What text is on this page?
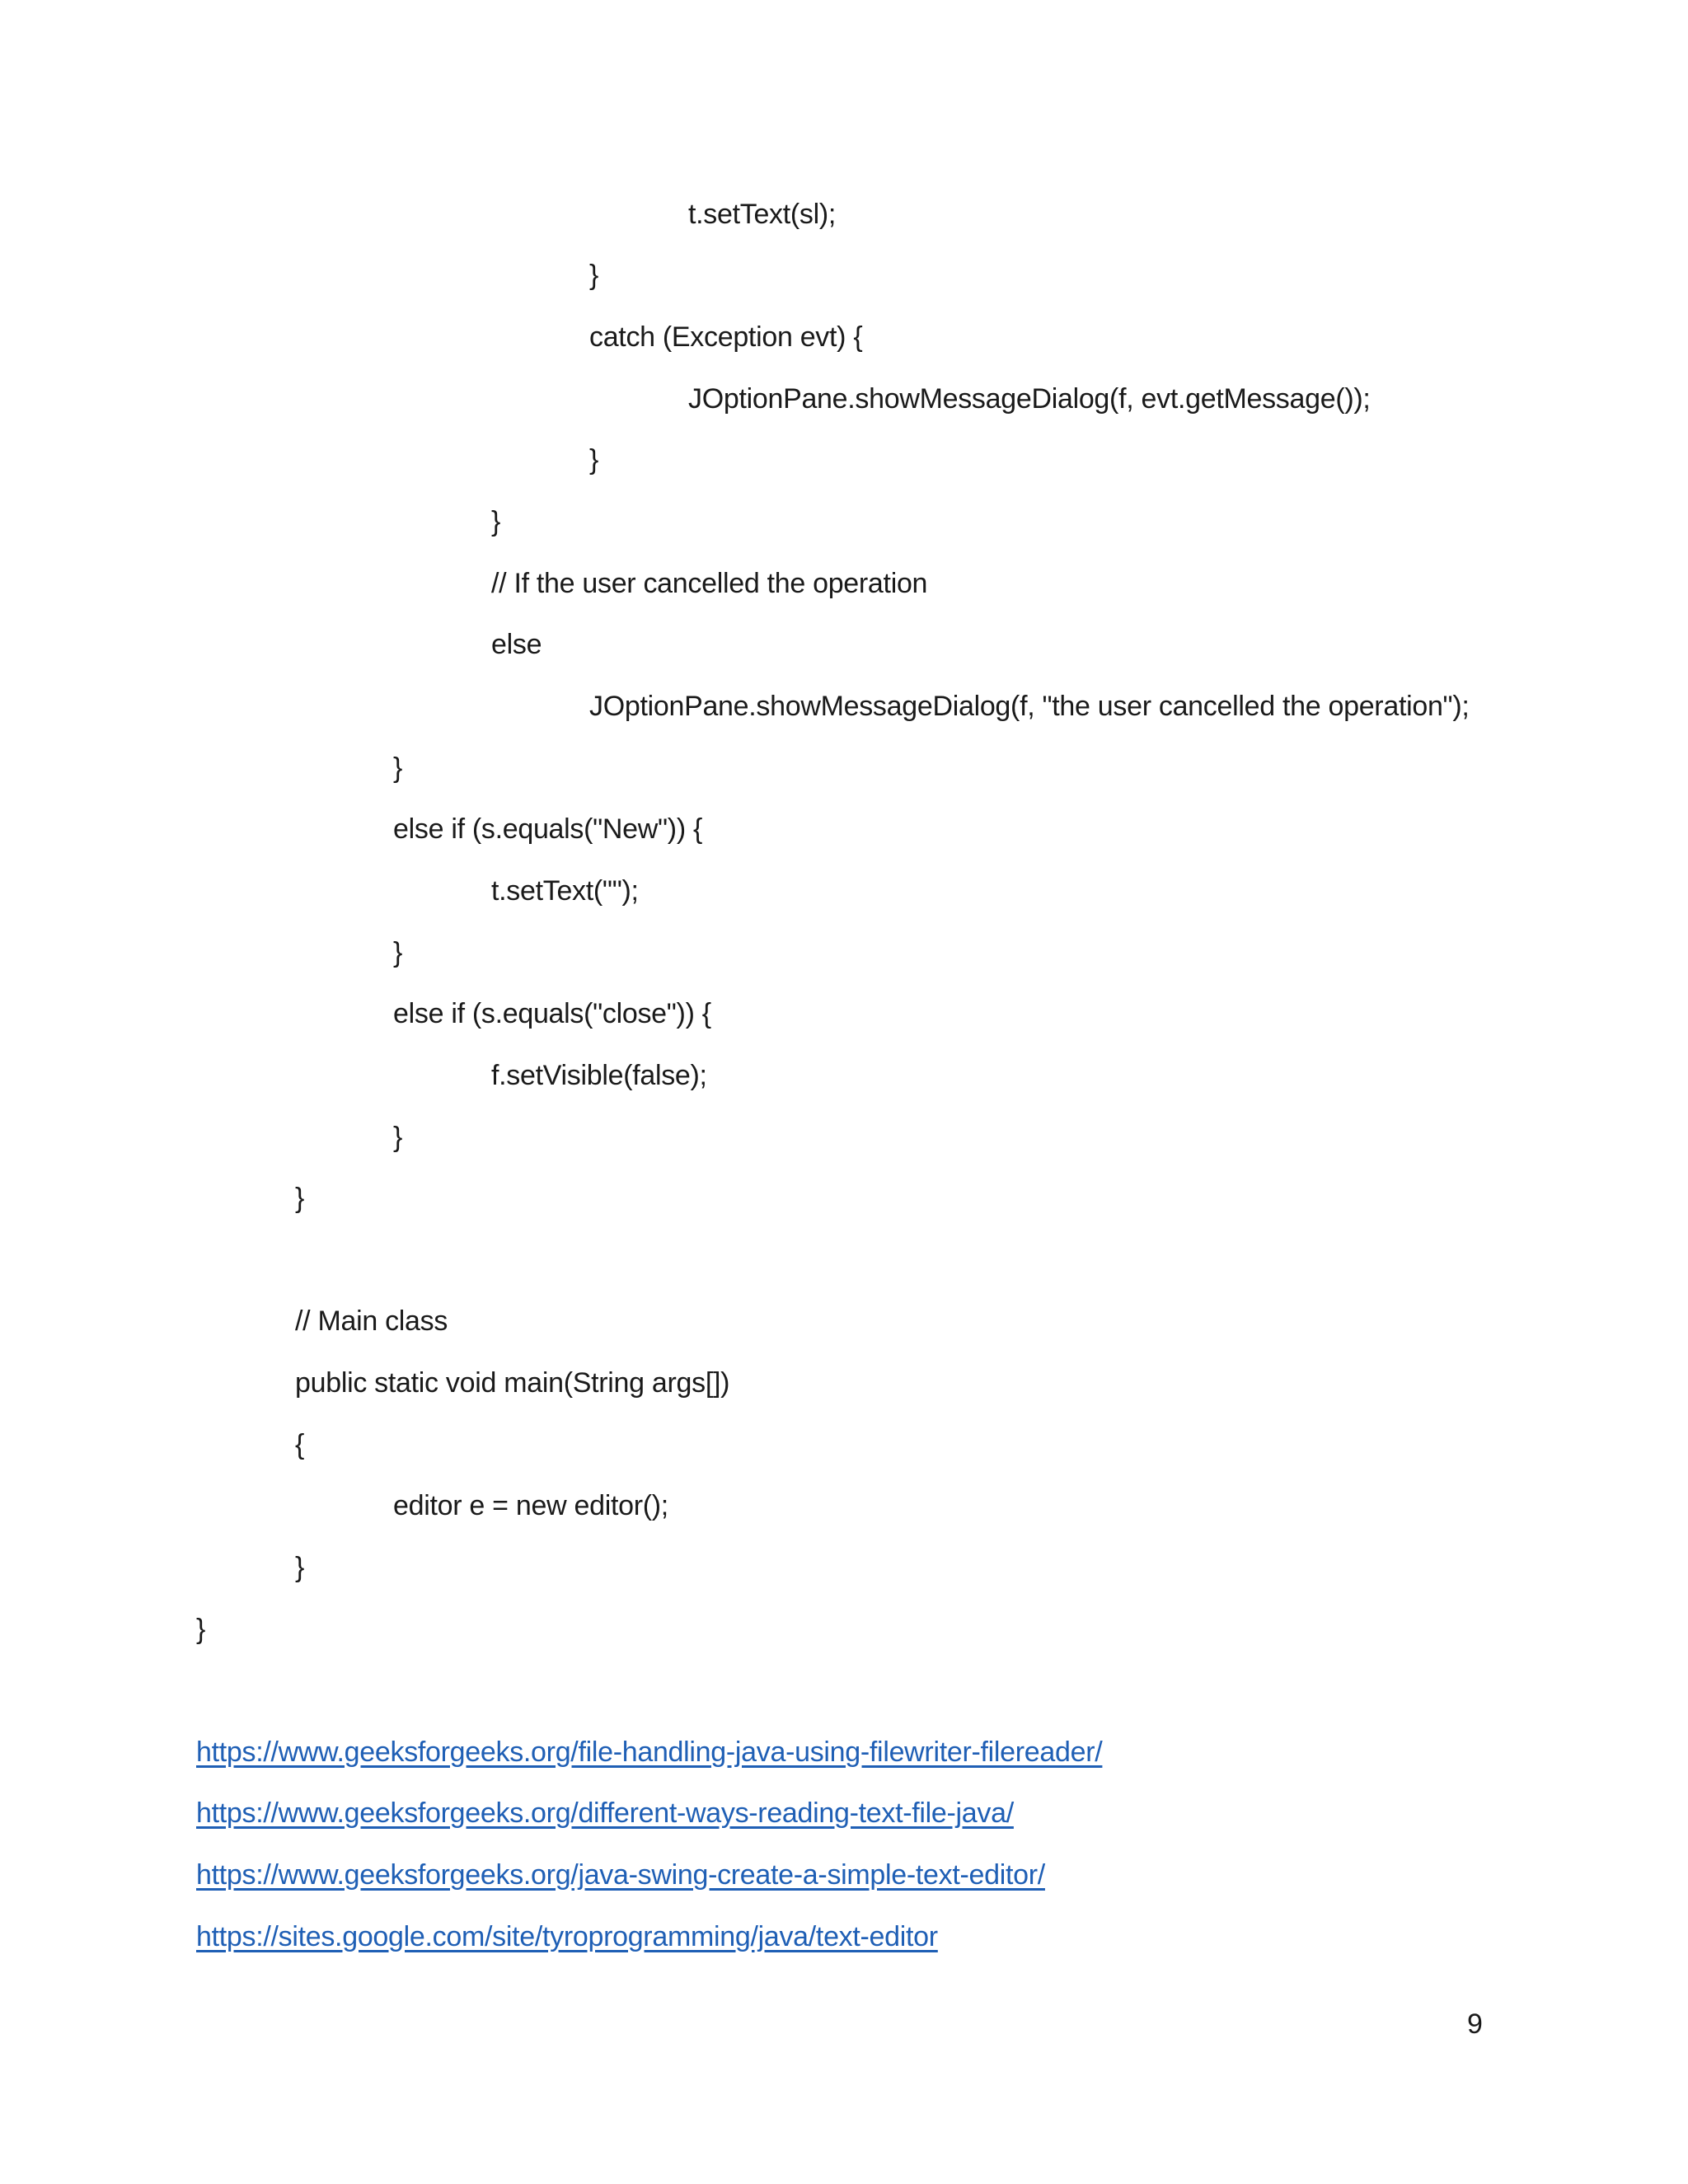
t.setText(sl);
}
catch (Exception evt) {
JOptionPane.showMessageDialog(f, evt.getMessage());
}
}
// If the user cancelled the operation
else
JOptionPane.showMessageDialog(f, "the user cancelled the operation");
}
else if (s.equals("New")) {
t.setText("");
}
else if (s.equals("close")) {
f.setVisible(false);
}
}
// Main class
public static void main(String args[])
{
editor e = new editor();
}
}
https://www.geeksforgeeks.org/file-handling-java-using-filewriter-filereader/
https://www.geeksforgeeks.org/different-ways-reading-text-file-java/
https://www.geeksforgeeks.org/java-swing-create-a-simple-text-editor/
https://sites.google.com/site/tyroprogramming/java/text-editor
9
